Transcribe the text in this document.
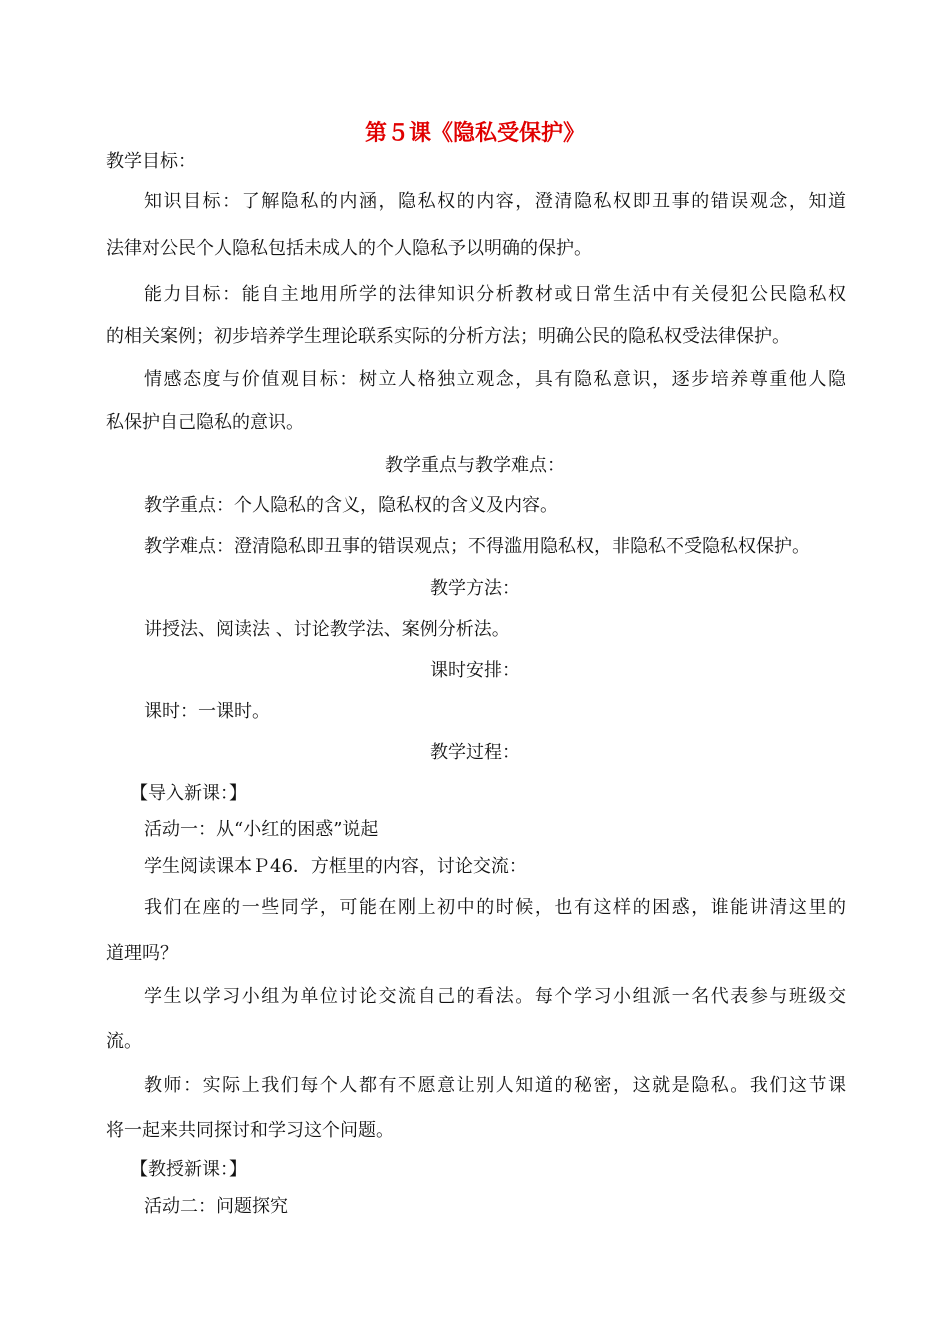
第５课《隐私受保护》
教学目标：
知识目标：了解隐私的内涵，隐私权的内容，澄清隐私权即丑事的错误观念，知道
法律对公民个人隐私包括未成人的个人隐私予以明确的保护。
能力目标：能自主地用所学的法律知识分析教材或日常生活中有关侵犯公民隐私权
的相关案例；初步培养学生理论联系实际的分析方法；明确公民的隐私权受法律保护。
情感态度与价值观目标：树立人格独立观念，具有隐私意识，逐步培养尊重他人隐
私保护自己隐私的意识。
教学重点与教学难点：
教学重点：个人隐私的含义，隐私权的含义及内容。
教学难点：澄清隐私即丑事的错误观点；不得滥用隐私权，非隐私不受隐私权保护。
教学方法：
讲授法、阅读法 、讨论教学法、案例分析法。
课时安排：
课时：一课时。
教学过程：
【导入新课：】
活动一：从“小红的困惑”说起
学生阅读课本Ｐ46．方框里的内容，讨论交流：
我们在座的一些同学，可能在刚上初中的时候，也有这样的困惑，谁能讲清这里的
道理吗？
学生以学习小组为单位讨论交流自己的看法。每个学习小组派一名代表参与班级交
流。
教师：实际上我们每个人都有不愿意让别人知道的秘密，这就是隐私。我们这节课
将一起来共同探讨和学习这个问题。
【教授新课：】
活动二：问题探究
